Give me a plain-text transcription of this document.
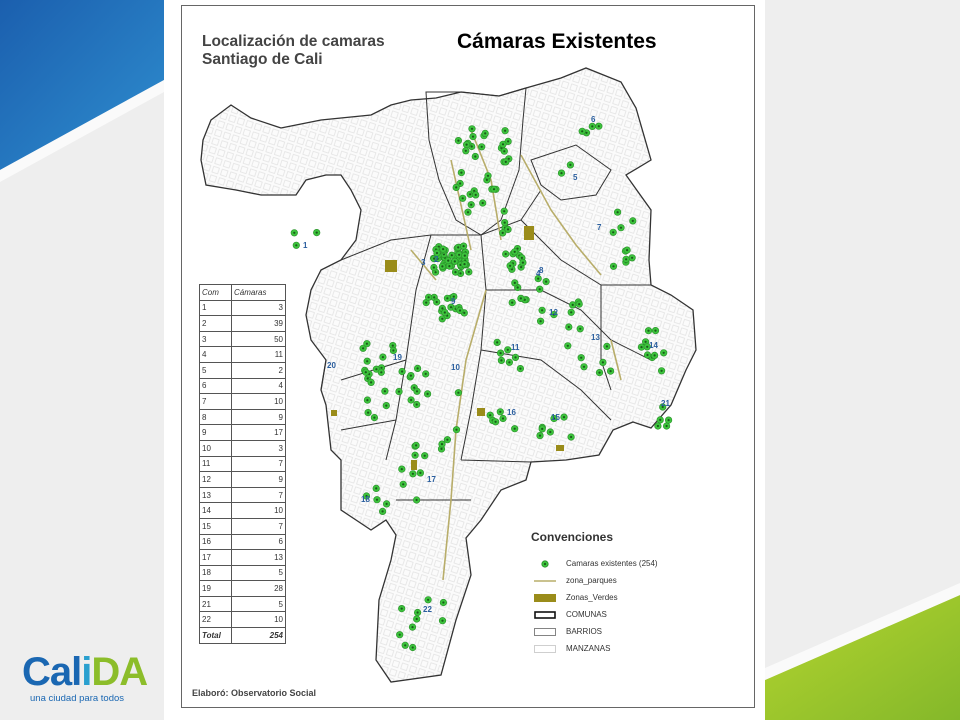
CaliDA
una ciudad para todos
Localización de camaras
Santiago de Cali
Cámaras Existentes
1
2
3
4
5
6
7
8
9
10
11
12
13
14
15
16
17
18
19
20
21
22
Com	Cámaras
1	3
2	39
3	50
4	11
5	2
6	4
7	10
8	9
9	17
10	3
11	7
12	9
13	7
14	10
15	7
16	6
17	13
18	5
19	28
21	5
22	10
Total	254
Convenciones
Camaras existentes (254)
zona_parques
Zonas_Verdes
COMUNAS
BARRIOS
MANZANAS
Elaboró: Observatorio Social
